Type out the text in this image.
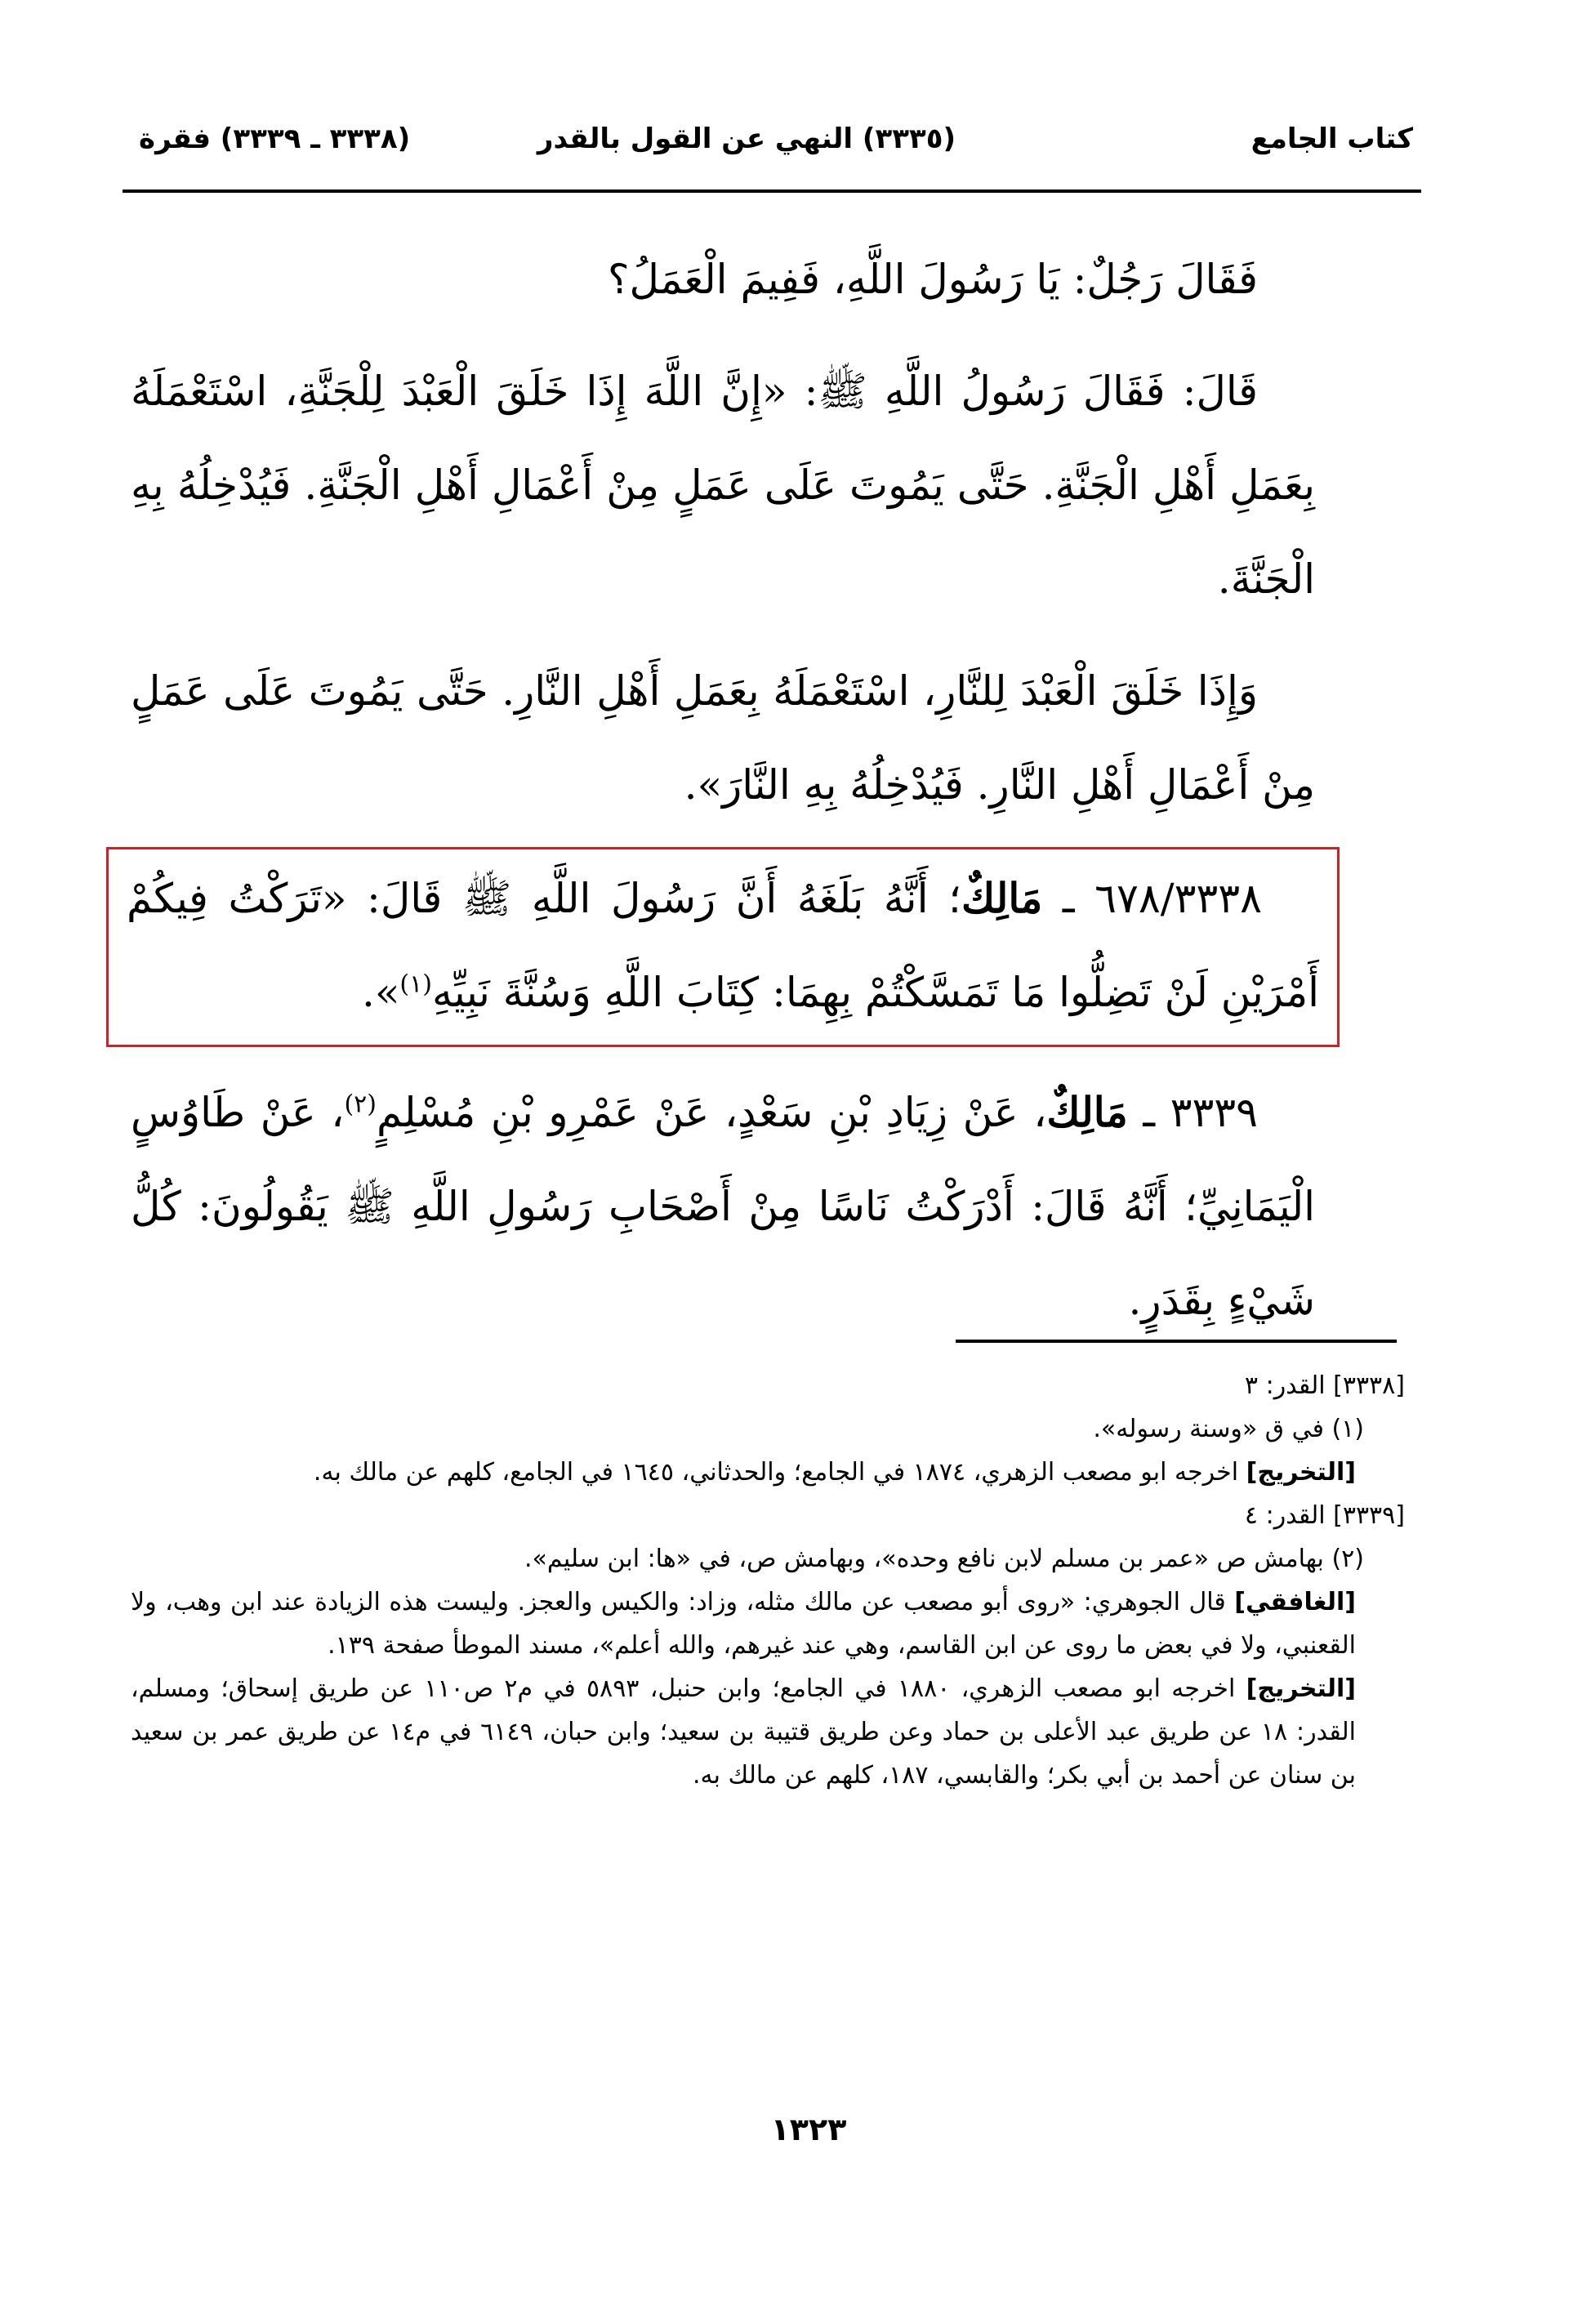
كتاب الجامع
(٣٣٣٥) النهي عن القول بالقدر
(٣٣٣٨ ـ ٣٣٣٩) فقرة

فَقَالَ رَجُلٌ: يَا رَسُولَ اللَّهِ، فَفِيمَ الْعَمَلُ؟

قَالَ: فَقَالَ رَسُولُ اللَّهِ ﷺ: «إِنَّ اللَّهَ إِذَا خَلَقَ الْعَبْدَ لِلْجَنَّةِ، اسْتَعْمَلَهُ بِعَمَلِ أَهْلِ الْجَنَّةِ. حَتَّى يَمُوتَ عَلَى عَمَلٍ مِنْ أَعْمَالِ أَهْلِ الْجَنَّةِ. فَيُدْخِلُهُ بِهِ الْجَنَّةَ.

وَإِذَا خَلَقَ الْعَبْدَ لِلنَّارِ، اسْتَعْمَلَهُ بِعَمَلِ أَهْلِ النَّارِ. حَتَّى يَمُوتَ عَلَى عَمَلٍ مِنْ أَعْمَالِ أَهْلِ النَّارِ. فَيُدْخِلُهُ بِهِ النَّارَ».

٦٧٨/٣٣٣٨ ـ مَالِكٌ؛ أَنَّهُ بَلَغَهُ أَنَّ رَسُولَ اللَّهِ ﷺ قَالَ: «تَرَكْتُ فِيكُمْ أَمْرَيْنِ لَنْ تَضِلُّوا مَا تَمَسَّكْتُمْ بِهِمَا: كِتَابَ اللَّهِ وَسُنَّةَ نَبِيِّهِ$^{(١)}$».

٣٣٣٩ ـ مَالِكٌ، عَنْ زِيَادِ بْنِ سَعْدٍ، عَنْ عَمْرِو بْنِ مُسْلِمٍ$^{(٢)}$، عَنْ طَاوُسٍ الْيَمَانِيِّ؛ أَنَّهُ قَالَ: أَدْرَكْتُ نَاسًا مِنْ أَصْحَابِ رَسُولِ اللَّهِ ﷺ يَقُولُونَ: كُلُّ شَيْءٍ بِقَدَرٍ.

[٣٣٣٨] القدر: ٣

(١) في ق «وسنة رسوله».

[التخريج] اخرجه ابو مصعب الزهري، ١٨٧٤ في الجامع؛ والحدثاني، ١٦٤٥ في الجامع، كلهم عن مالك به.

[٣٣٣٩] القدر: ٤

(٢) بهامش ص «عمر بن مسلم لابن نافع وحده»، وبهامش ص، في «ها: ابن سليم».

[الغافقي] قال الجوهري: «روى أبو مصعب عن مالك مثله، وزاد: والكيس والعجز. وليست هذه الزيادة عند ابن وهب، ولا القعنبي، ولا في بعض ما روى عن ابن القاسم، وهي عند غيرهم، والله أعلم»، مسند الموطأ صفحة ١٣٩.

[التخريج] اخرجه ابو مصعب الزهري، ١٨٨٠ في الجامع؛ وابن حنبل، ٥٨٩٣ في م٢ ص١١٠ عن طريق إسحاق؛ ومسلم، القدر: ١٨ عن طريق عبد الأعلى بن حماد وعن طريق قتيبة بن سعيد؛ وابن حبان، ٦١٤٩ في م١٤ عن طريق عمر بن سعيد بن سنان عن أحمد بن أبي بكر؛ والقابسي، ١٨٧، كلهم عن مالك به.

١٣٢٣
